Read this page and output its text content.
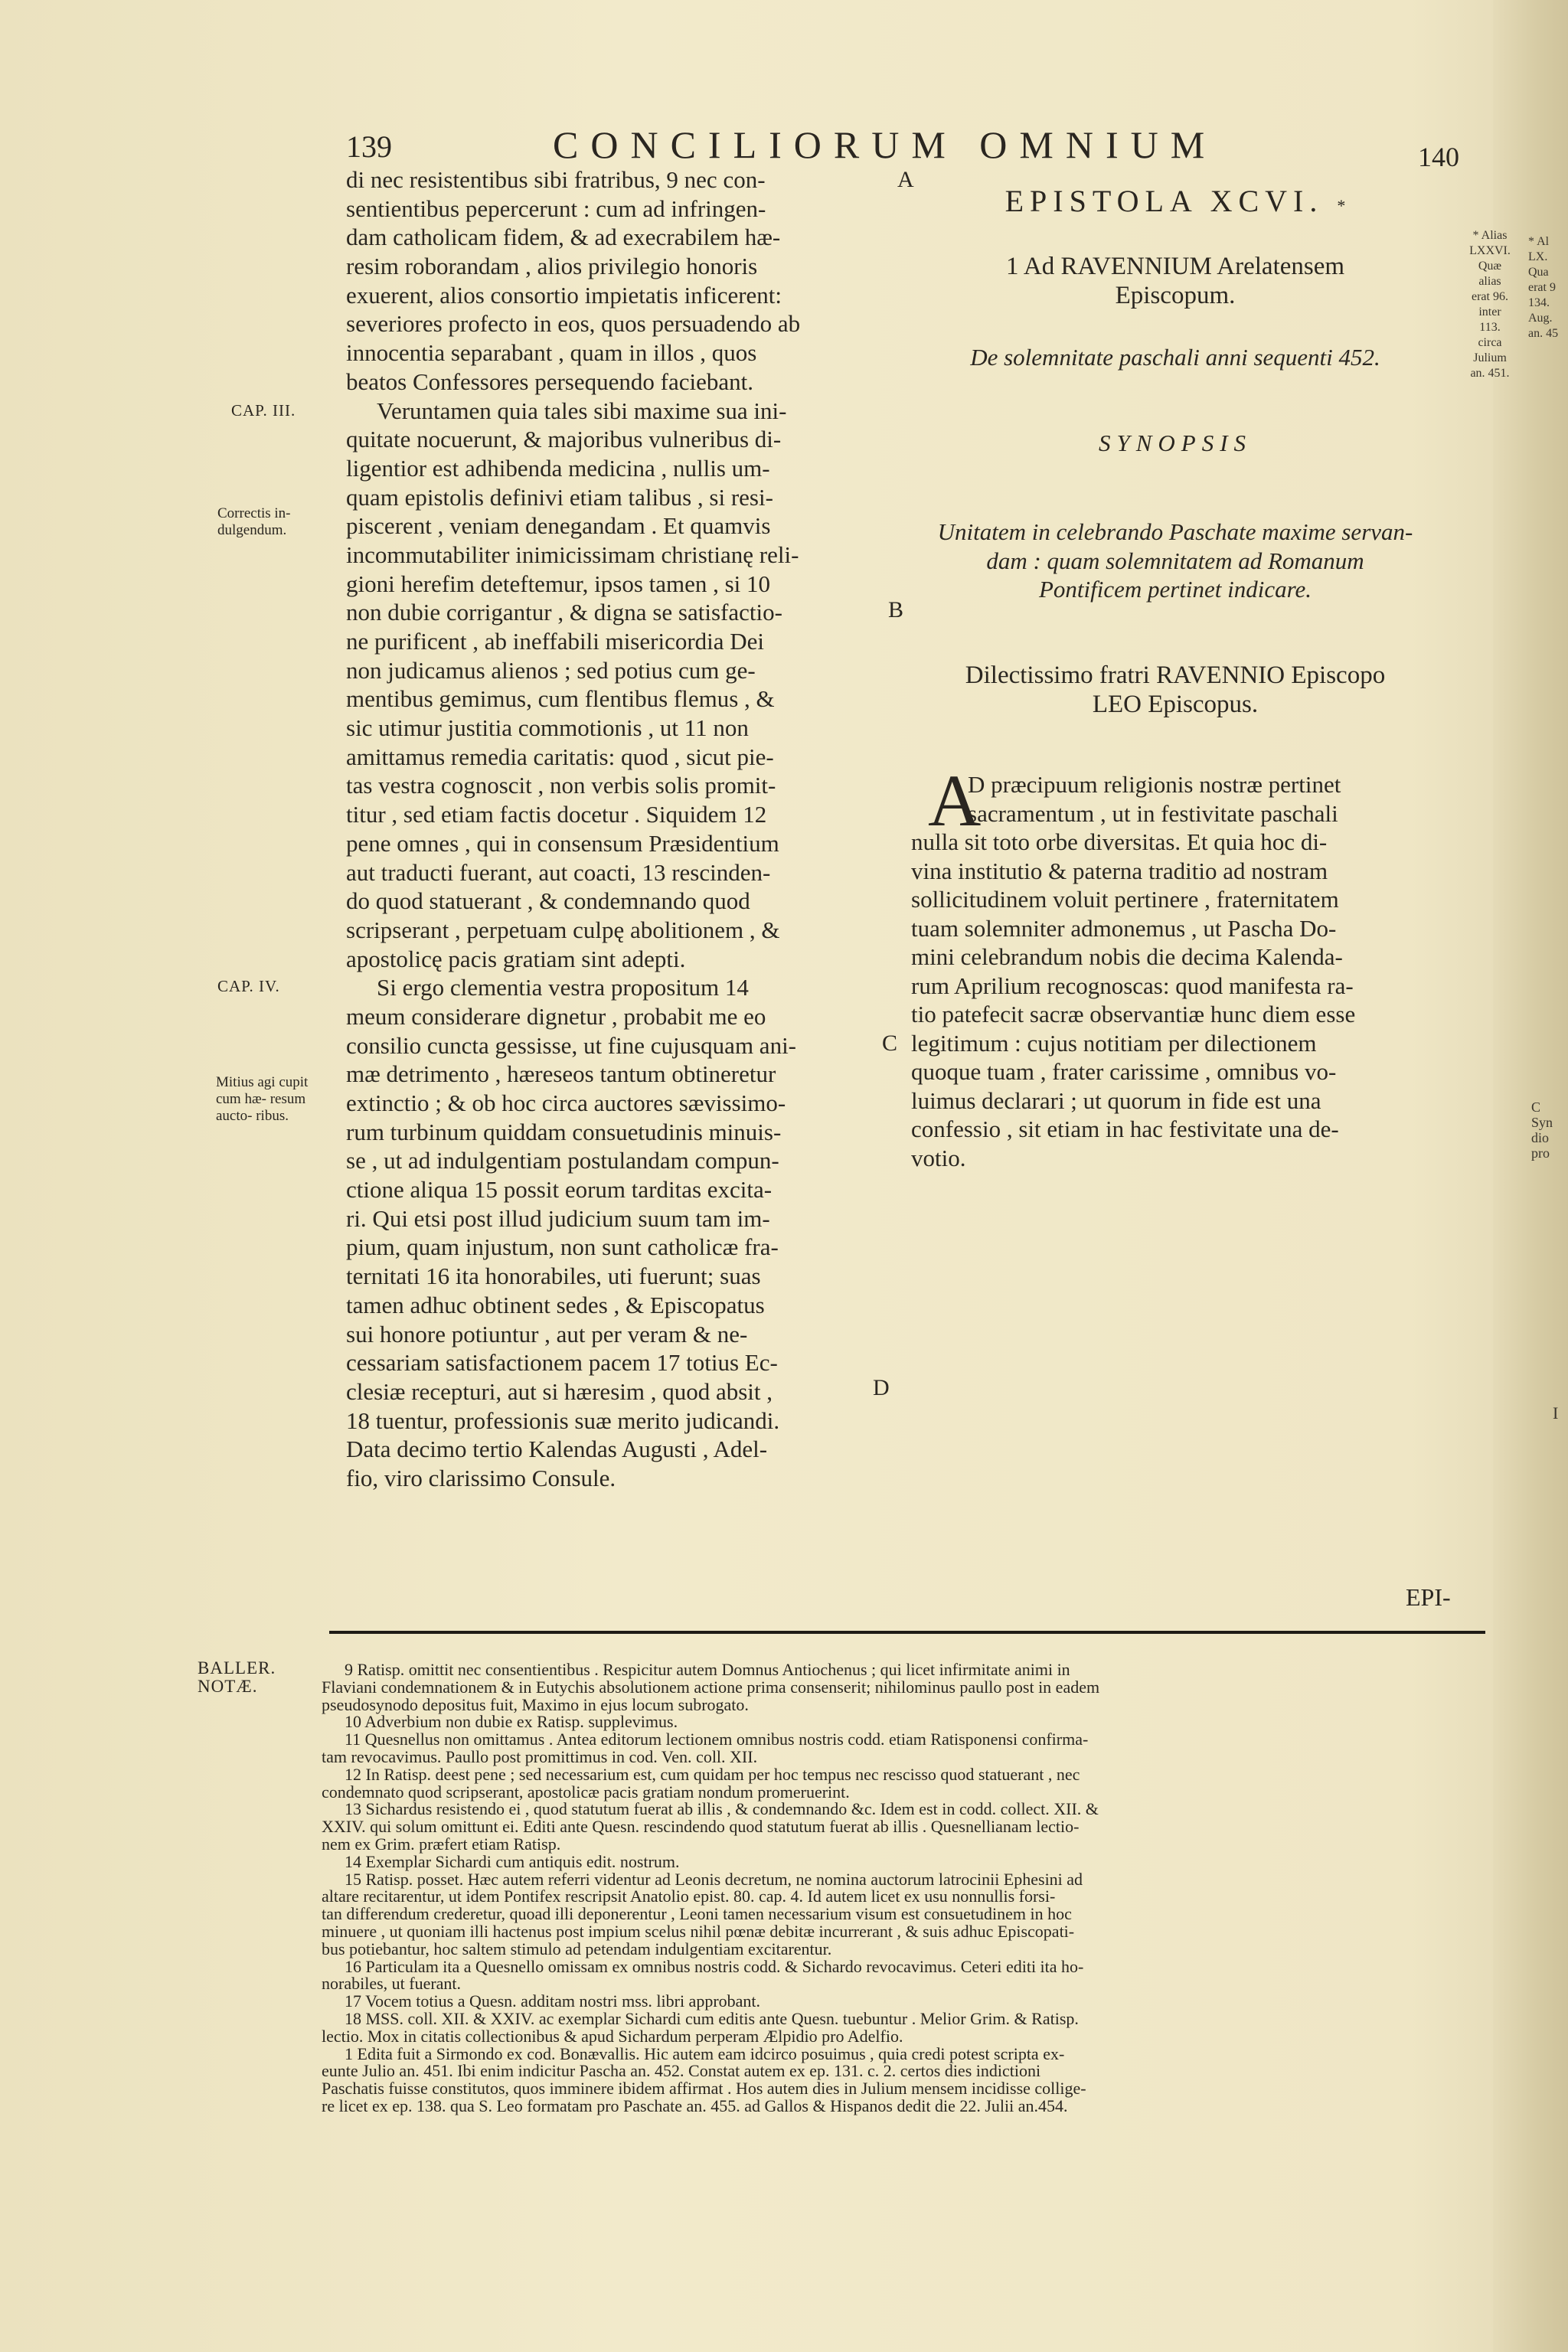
139	CONCILIORUM OMNIUM	140
di nec resistentibus sibi fratribus, 9 nec con-
sentientibus pepercerunt : cum ad infringen-
dam catholicam fidem, & ad execrabilem hæ-
resim roborandam , alios privilegio honoris
exuerent, alios consortio impietatis inficerent:
severiores profecto in eos, quos persuadendo ab
innocentia separabant , quam in illos , quos
beatos Confessores persequendo faciebant.
Veruntamen quia tales sibi maxime sua ini-
quitate nocuerunt, & majoribus vulneribus di-
ligentior est adhibenda medicina , nullis um-
quam epistolis definivi etiam talibus , si resi-
piscerent , veniam denegandam . Et quamvis
incommutabiliter inimicissimam christianę reli-
gioni herefim deteftemur, ipsos tamen , si 10
non dubie corrigantur , & digna se satisfactio-
ne purificent , ab ineffabili misericordia Dei
non judicamus alienos ; sed potius cum ge-
mentibus gemimus, cum flentibus flemus , &
sic utimur justitia commotionis , ut 11 non
amittamus remedia caritatis: quod , sicut pie-
tas vestra cognoscit , non verbis solis promit-
titur , sed etiam factis docetur . Siquidem 12
pene omnes , qui in consensum Præsidentium
aut traducti fuerant, aut coacti, 13 rescinden-
do quod statuerant , & condemnando quod
scripserant , perpetuam culpę abolitionem , &
apostolicę pacis gratiam sint adepti.
Si ergo clementia vestra propositum 14
meum considerare dignetur , probabit me eo
consilio cuncta gessisse, ut fine cujusquam ani-
mæ detrimento , hæreseos tantum obtineretur
extinctio ; & ob hoc circa auctores sævissimo-
rum turbinum quiddam consuetudinis minuis-
se , ut ad indulgentiam postulandam compun-
ctione aliqua 15 possit eorum tarditas excita-
ri. Qui etsi post illud judicium suum tam im-
pium, quam injustum, non sunt catholicæ fra-
ternitati 16 ita honorabiles, uti fuerunt; suas
tamen adhuc obtinent sedes , & Episcopatus
sui honore potiuntur , aut per veram & ne-
cessariam satisfactionem pacem 17 totius Ec-
clesiæ recepturi, aut si hæresim , quod absit ,
18 tuentur, professionis suæ merito judicandi.
Data decimo tertio Kalendas Augusti , Adel-
fio, viro clarissimo Consule.
A
B
C
D
CAP. III.
Correctis in- dulgendum.
CAP. IV.
Mitius agi cupit cum hæ- resum aucto- ribus.
EPI-
EPISTOLA XCVI. *
1 Ad RAVENNIUM Arelatensem
Episcopum.
De solemnitate paschali anni sequenti 452.
SYNOPSIS
Unitatem in celebrando Paschate maxime servan-
dam : quam solemnitatem ad Romanum
Pontificem pertinet indicare.
Dilectissimo fratri RAVENNIO Episcopo
LEO Episcopus.
A
D præcipuum religionis nostræ pertinet
sacramentum , ut in festivitate paschali
nulla sit toto orbe diversitas. Et quia hoc di-
vina institutio & paterna traditio ad nostram
sollicitudinem voluit pertinere , fraternitatem
tuam solemniter admonemus , ut Pascha Do-
mini celebrandum nobis die decima Kalenda-
rum Aprilium recognoscas: quod manifesta ra-
tio patefecit sacræ observantiæ hunc diem esse
legitimum : cujus notitiam per dilectionem
quoque tuam , frater carissime , omnibus vo-
luimus declarari ; ut quorum in fide est una
confessio , sit etiam in hac festivitate una de-
votio.
* Alias
LXXVI.
Quæ alias
erat 96. inter
113.
circa Julium
an. 451.
* Al
LX.
Qua
erat 9
134.
Aug.
an. 45
C
Syn
dio
pro
I
BALLER.
NOTÆ.
9 Ratisp. omittit nec consentientibus . Respicitur autem Domnus Antiochenus ; qui licet infirmitate animi in
Flaviani condemnationem & in Eutychis absolutionem actione prima consenserit; nihilominus paullo post in eadem
pseudosynodo depositus fuit, Maximo in ejus locum subrogato.
10 Adverbium non dubie ex Ratisp. supplevimus.
11 Quesnellus non omittamus . Antea editorum lectionem omnibus nostris codd. etiam Ratisponensi confirma-
tam revocavimus. Paullo post promittimus in cod. Ven. coll. XII.
12 In Ratisp. deest pene ; sed necessarium est, cum quidam per hoc tempus nec rescisso quod statuerant , nec
condemnato quod scripserant, apostolicæ pacis gratiam nondum promeruerint.
13 Sichardus resistendo ei , quod statutum fuerat ab illis , & condemnando &c. Idem est in codd. collect. XII. &
XXIV. qui solum omittunt ei. Editi ante Quesn. rescindendo quod statutum fuerat ab illis . Quesnellianam lectio-
nem ex Grim. præfert etiam Ratisp.
14 Exemplar Sichardi cum antiquis edit. nostrum.
15 Ratisp. posset. Hæc autem referri videntur ad Leonis decretum, ne nomina auctorum latrocinii Ephesini ad
altare recitarentur, ut idem Pontifex rescripsit Anatolio epist. 80. cap. 4. Id autem licet ex usu nonnullis forsi-
tan differendum crederetur, quoad illi deponerentur , Leoni tamen necessarium visum est consuetudinem in hoc
minuere , ut quoniam illi hactenus post impium scelus nihil pœnæ debitæ incurrerant , & suis adhuc Episcopati-
bus potiebantur, hoc saltem stimulo ad petendam indulgentiam excitarentur.
16 Particulam ita a Quesnello omissam ex omnibus nostris codd. & Sichardo revocavimus. Ceteri editi ita ho-
norabiles, ut fuerant.
17 Vocem totius a Quesn. additam nostri mss. libri approbant.
18 MSS. coll. XII. & XXIV. ac exemplar Sichardi cum editis ante Quesn. tuebuntur . Melior Grim. & Ratisp.
lectio. Mox in citatis collectionibus & apud Sichardum perperam Ælpidio pro Adelfio.
1 Edita fuit a Sirmondo ex cod. Bonævallis. Hic autem eam idcirco posuimus , quia credi potest scripta ex-
eunte Julio an. 451. Ibi enim indicitur Pascha an. 452. Constat autem ex ep. 131. c. 2. certos dies indictioni
Paschatis fuisse constitutos, quos imminere ibidem affirmat . Hos autem dies in Julium mensem incidisse collige-
re licet ex ep. 138. qua S. Leo formatam pro Paschate an. 455. ad Gallos & Hispanos dedit die 22. Julii an.454.
